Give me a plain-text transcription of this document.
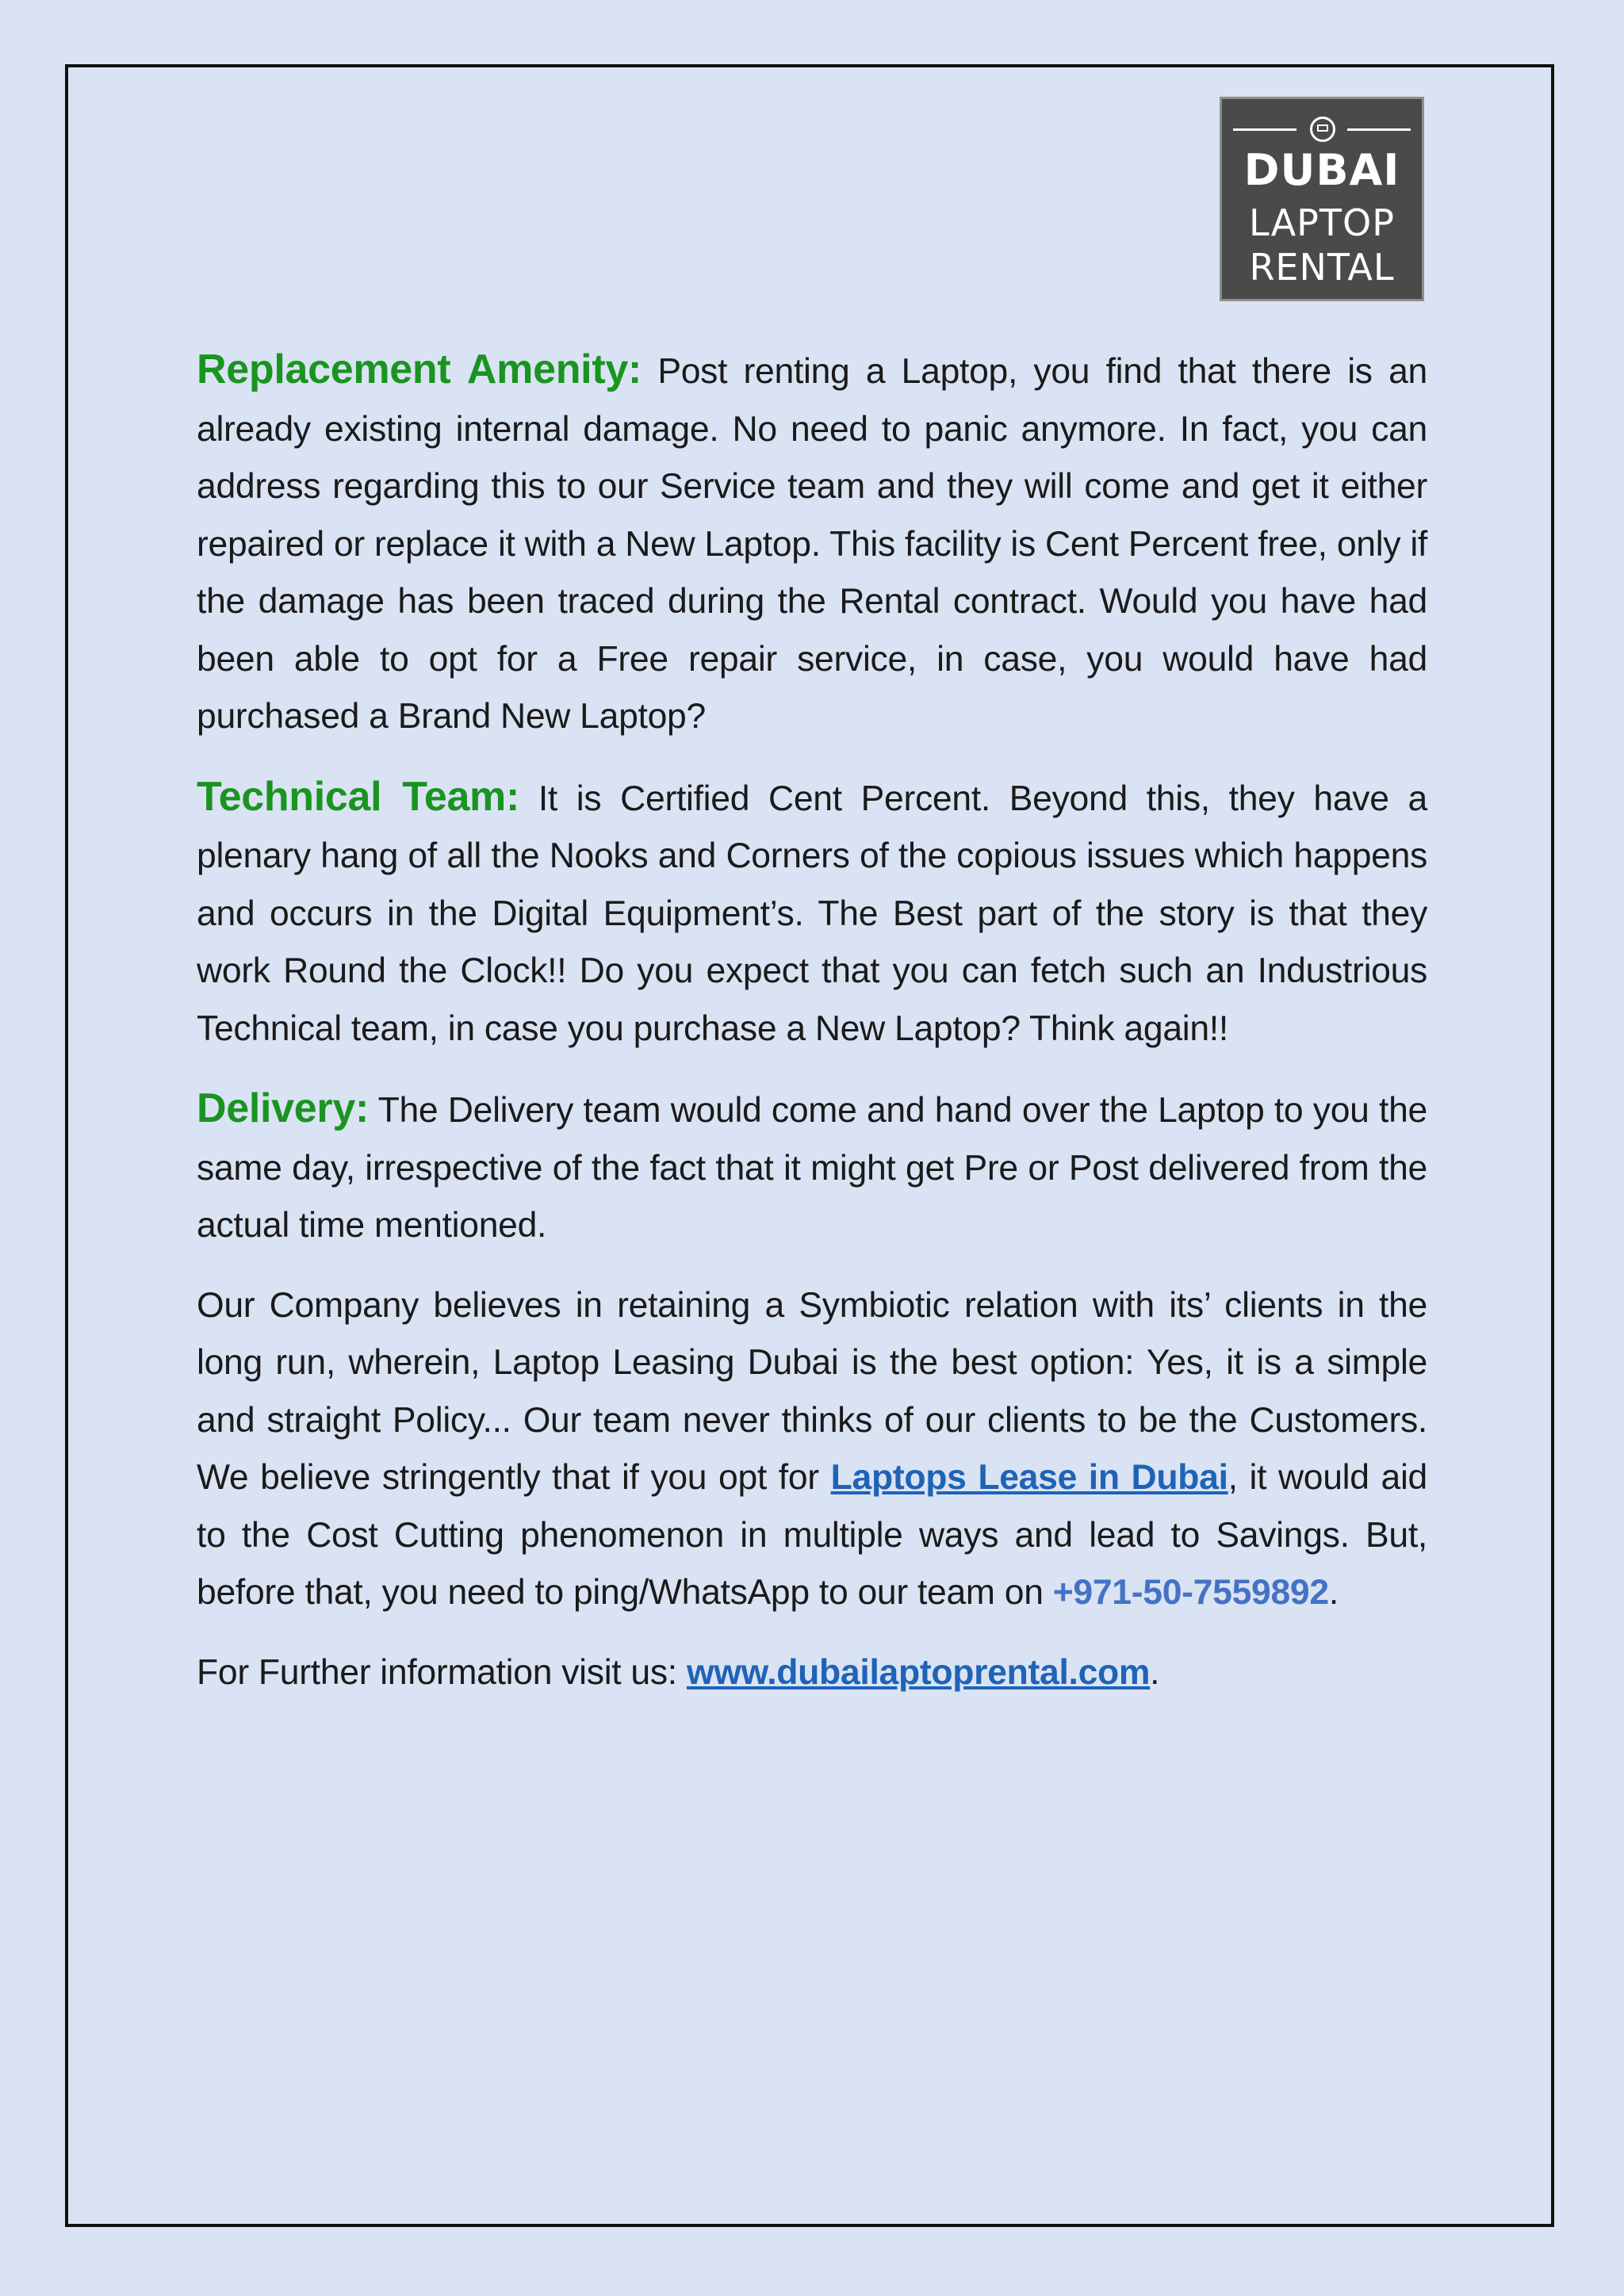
DUBAI
LAPTOP
RENTAL

Replacement Amenity: Post renting a Laptop, you find that there is an already existing internal damage. No need to panic anymore. In fact, you can address regarding this to our Service team and they will come and get it either repaired or replace it with a New Laptop. This facility is Cent Percent free, only if the damage has been traced during the Rental contract. Would you have had been able to opt for a Free repair service, in case, you would have had purchased a Brand New Laptop?

Technical Team: It is Certified Cent Percent. Beyond this, they have a plenary hang of all the Nooks and Corners of the copious issues which happens and occurs in the Digital Equipment’s. The Best part of the story is that they work Round the Clock!! Do you expect that you can fetch such an Industrious Technical team, in case you purchase a New Laptop? Think again!!

Delivery: The Delivery team would come and hand over the Laptop to you the same day, irrespective of the fact that it might get Pre or Post delivered from the actual time mentioned.

Our Company believes in retaining a Symbiotic relation with its’ clients in the long run, wherein, Laptop Leasing Dubai is the best option: Yes, it is a simple and straight Policy... Our team never thinks of our clients to be the Customers. We believe stringently that if you opt for Laptops Lease in Dubai, it would aid to the Cost Cutting phenomenon in multiple ways and lead to Savings. But, before that, you need to ping/WhatsApp to our team on +971-50-7559892.

For Further information visit us: www.dubailaptoprental.com.
